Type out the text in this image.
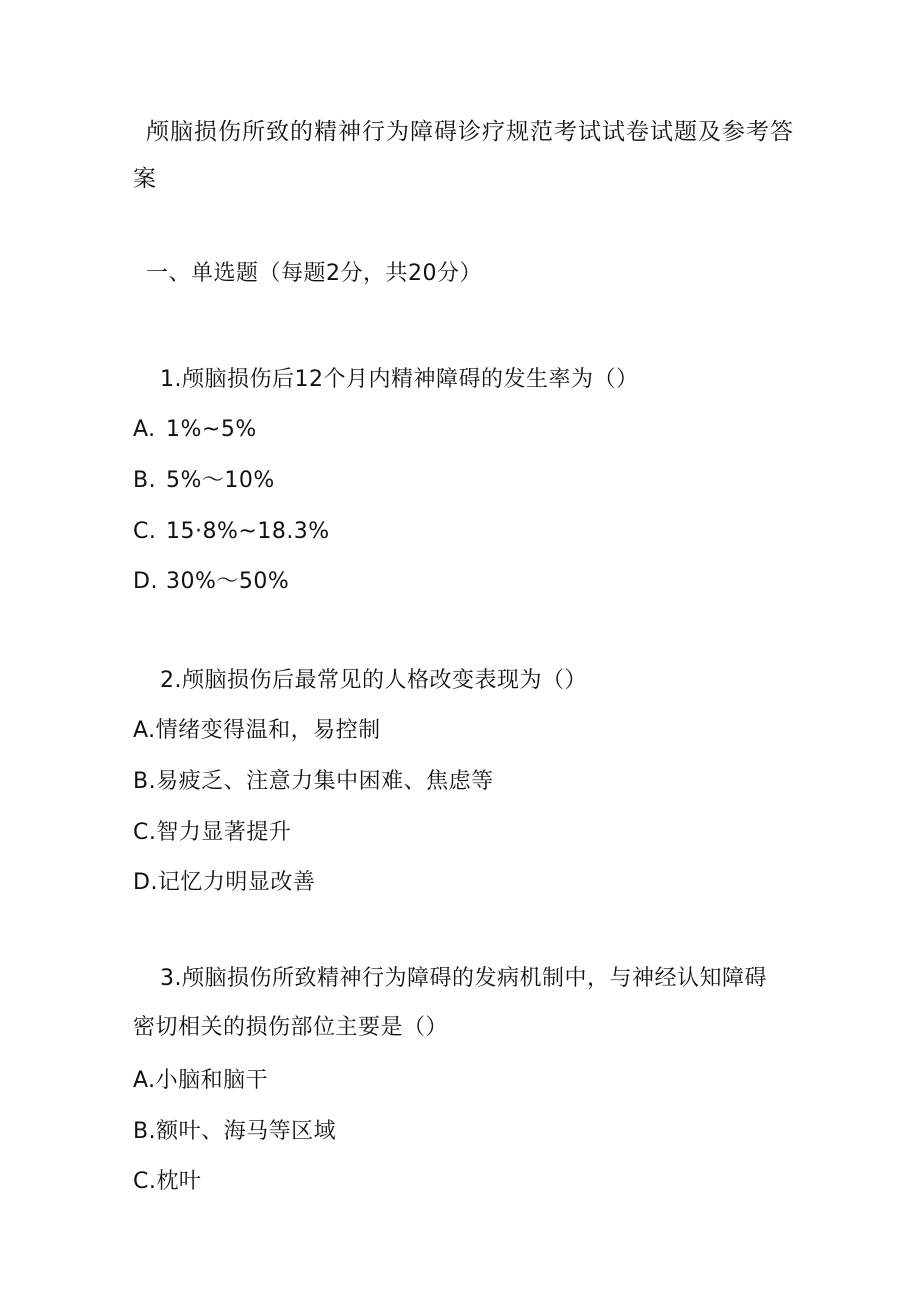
颅脑损伤所致的精神行为障碍诊疗规范考试试卷试题及参考答
案
一、单选题（每题2分，共20分）
1.颅脑损伤后12个月内精神障碍的发生率为（）
A. 1%~5%
B. 5%～10%
C. 15·8%~18.3%
D. 30%～50%
2.颅脑损伤后最常见的人格改变表现为（）
A.情绪变得温和，易控制
B.易疲乏、注意力集中困难、焦虑等
C.智力显著提升
D.记忆力明显改善
3.颅脑损伤所致精神行为障碍的发病机制中，与神经认知障碍
密切相关的损伤部位主要是（）
A.小脑和脑干
B.额叶、海马等区域
C.枕叶
